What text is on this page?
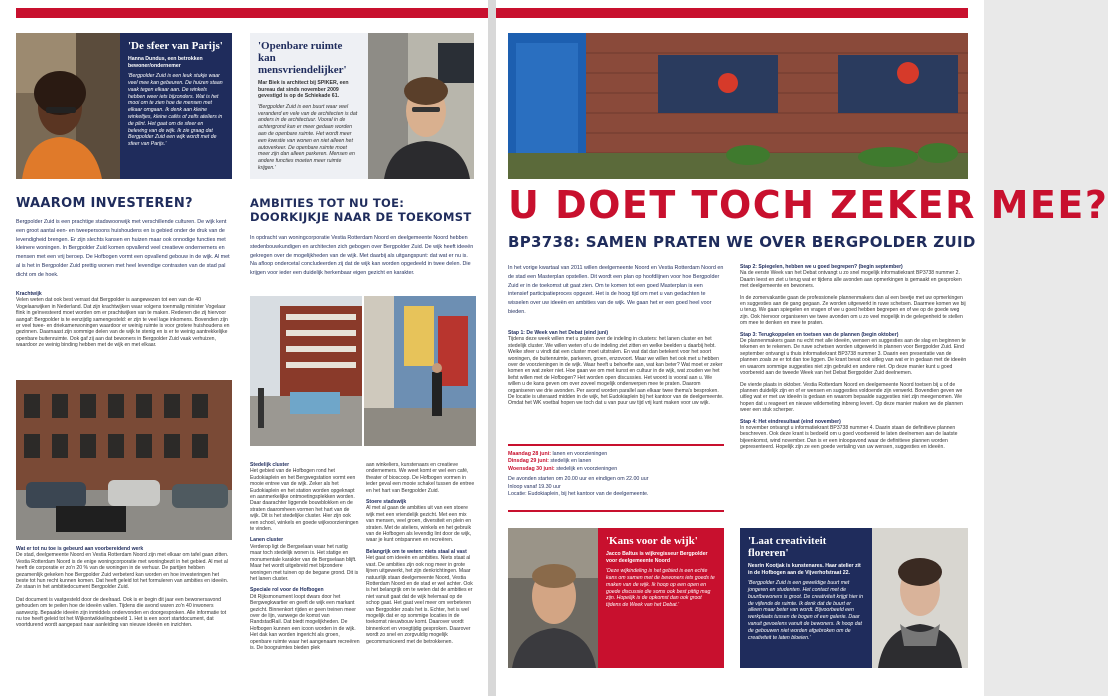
'De sfeer van Parijs'
Hanna Dundus, een betrokken bewoner/ondernemer
'Bergpolder Zuid is een leuk stukje waar veel mee kan gebeuren. De huizen staan vaak tegen elkaar aan. De winkels hebben weer iets bijzonders. Wat is het mooi om te zien hoe de mensen met elkaar omgaan. Ik denk aan kleine winkeltjes, kleine cafés of zelfs ateliers in de plint. Het gaat om de sfeer en beleving van de wijk. Ik zie graag dat Bergpolder Zuid een wijk wordt met de sfeer van Parijs.'
'Openbare ruimte kan mensvriendelijker'
Mar Biek is architect bij SPIKER, een bureau dat sinds november 2009 gevestigd is op de Schiekade 61.
'Bergpolder Zuid is een buurt waar veel veranderd en vele van de architecten is dat anders in de architectuur. Vooral in de achtergrond kan er meer gedaan worden aan de openbare ruimte. Het wordt meer een kwestie van wonen en niet alleen het autoverkeer. De openbare ruimte moet meer zijn dan alleen parkeren. Mensen en andere functies moeten meer ruimte krijgen.'
WAAROM INVESTEREN?
Bergpolder Zuid is een prachtige stadswoonwijk met verschillende culturen. De wijk kent een groot aantal een- en tweepersoons huishoudens en is gebied onder de druk van de levendigheid brengen. Er zijn slechts kansen en huizen maar ook onnodige functies met kleinere woningen. In Bergpolder Zuid komen opvallend veel creatieve ondernemers en mensen met een vrij beroep. De Hofbogen vormt een opvallend gebouw in de wijk. Al met al is het in Bergpolder Zuid prettig wonen met heel levendige contrasten van de stad pal dicht om de hoek.
Krachtwijk
Velen weten dat ook best verrast dat Bergpolder is aangewezen tot een van de 40 Vogelaarwijken in Nederland. Dat zijn krachtwijken waar volgens toenmalig minister Vogelaar flink in geïnvesteerd moet worden om er prachtwijken van te maken. Redenen die zij hiervoor aangaf: Bergpolder is te eenzijdig samengesteld: er zijn te veel lage inkomens. Bovendien zijn er veel twee- en driekamerwoningen waardoor er weinig ruimte is voor grotere huishoudens en gezinnen. Daarnaast zijn sommige delen van de wijk te stenig en is er te weinig aantrekkelijke openbare buitenruimte. Ook gaf zij aan dat bewoners in Bergpolder Zuid vaak verhuizen, waardoor ze weinig binding hebben met de wijk en met elkaar.
Wat er tot nu toe is gebeurd aan voorbereidend werk
De stad, deelgemeente Noord en Vestia Rotterdam Noord zijn met elkaar om tafel gaan zitten. Vestia Rotterdam Noord is de enige woningcorporatie met woningbezit in het gebied. Al met al heeft de corporatie er zo'n 20 % van de woningen in de verhuur. De partijen hebben gezamenlijk gekeken hoe Bergpolder Zuid verbeterd kan worden en hoe investeringen het beste tot hun recht kunnen komen. Dat heeft geleid tot het formuleren van ambities en ideeën. Ze staan in het ambitiedocument Bergpolder Zuid.
Dat document is vastgesteld door de deelraad. Ook is er begin dit jaar een bewonersavond gehouden om te peilen hoe de ideeën vallen. Tijdens die avond waren zo'n 40 inwoners aanwezig. Bepaalde ideeën zijn inmiddels ondervonden en doorgesproken. Alle informatie tot nu toe heeft geleid tot het Wijkontwikkelingsbeeld 1. Het is een soort startdocument, dat voortdurend wordt aangepast naar aanleiding van nieuwe ideeën en inzichten.
AMBITIES TOT NU TOE:
DOORKIJKJE NAAR DE TOEKOMST
In opdracht van woningcorporatie Vestia Rotterdam Noord en deelgemeente Noord hebben stedenbouwkundigen en architecten zich gebogen over Bergpolder Zuid. De wijk heeft ideeën gekregen over de mogelijkheden van de wijk. Met daarbij als uitgangspunt: dat wat er nu is. Na afloop ondercetal concludeerden zij dat de wijk kan worden opgedeeld in twee delen. Die krijgen voor ieder een duidelijk herkenbaar eigen gezicht en karakter.
Stedelijk cluster
Het gebied van de Hofbogen rond het Eudokiaplein en het Bergwegstation vormt een mooie entree van de wijk. Zeker als het Eudokiaplein en het station worden opgeknapt en aanmerkelijke ontmoetingsplekken worden. Daar daarachter liggende bouwblokken en de straten daaromheen vormen het hart van de wijk. Dit is het stedelijke cluster. Hier zijn ook een school, winkels en goede wijkvoorzieningen te vinden.
Lanen cluster
Verderop ligt de Bergselaan waar het rustig maar toch stedelijk wonen is. Het statige en monumentale karakter van de Bergselaan blijft. Maar het wordt uitgebreid met bijzondere woningen met tuinen op de begane grond. Dit is het lanen cluster.
Speciale rol voor de Hofbogen
Dit Rijksmonument loopt dwars door het Bergwegkwartier en geeft de wijk een markant gezicht. Binnenkort rijden er geen treinen meer over de lijn, vanwege de komst van RandstadRail. Dat biedt mogelijkheden. De Hofbogen kunnen een icoon worden in de wijk. Het dak kan worden ingericht als groen, openbare ruimte waar het aangenaam recreëren is. De boogruimtes bieden plek
aan winkeliers, kunstenaars en creatieve ondernemers. We weet komt er wel een café, theater of bioscoop. De Hofbogen vormen in ieder geval een mooie schakel tussen de entree en het hart van Bergpolder Zuid.
Stoere stadswijk
Al met al gaan de ambities uit van een stoere wijk met een vriendelijk gezicht. Met een mix van mensen, veel groen, diversiteit en plein en straten. Met de ateliers, winkels en het gebruik van de Hofbogen als levendig lint door de wijk, waar je kunt ontspannen en recreëren.
Belangrijk om te weten: niets staal al vast
Het gaat om ideeën en ambities. Niets staat al vast. De ambities zijn ook nog meer in grote lijnen uitgewerkt, het zijn denkrichtingen. Maar natuurlijk staan deelgemeente Noord, Vestia Rotterdam Noord en de stad er wel achter. Ook is het belangrijk om te weten dat de ambities er niet vanuit gaat dat de wijk helemaal op de schop gaat. Het gaat veel meer om verbeteren van Bergpolder zoals het is. Echter, het is wel mogelijk dat er op sommige locaties in de toekomst nieuwbouw komt. Daarover wordt binnenkort en vroegtijdig gesproken. Daarover wordt zo snel en zorgvuldig mogelijk gecommuniceerd met de betrokkenen.
U DOET TOCH ZEKER MEE?
BP3738: SAMEN PRATEN WE OVER BERGPOLDER ZUID
In het vorige kwartaal van 2011 willen deelgemeente Noord en Vestia Rotterdam Noord en de stad een Masterplan opstellen. Dit wordt een plan op hoofdlijnen voor hoe Bergpolder Zuid er in de toekomst uit gaat zien. Om te komen tot een goed Masterplan is een intensief participatieproces opgezet. Het is de hoog tijd om met u van gedachten te wisselen over uw ideeën en ambities van de wijk. We gaan het er een goed heel voor bieden.
Stap 1: De Week van het Debat (eind juni)
Tijdens deze week willen met u praten over de indeling in clusters: het lanen cluster en het stedelijk cluster. We willen weten of u de indeling ziet zitten en welke beelden u daarbij hebt. Welke sfeer u vindt dat een cluster moet uitstralen. En wat dat dan betekent voor het soort woningen, de buitenruimte, parkeren, groen, enzovoort. Maar we willen het ook met u hebben over de voorzieningen in de wijk. Waar heeft u behoefte aan, wat kan beter? Wat moet er zeker komen en wat zeker niet. Hoe gaan we om met kunst en cultuur in de wijk, wat zouden we het liefst willen met de Hofbogen? Het worden open discussies. Het woord is vooral aan u. We willen u de kans geven om over zoveel mogelijk onderwerpen mee te praten. Daarom organiseren we drie avonden. Per avond worden parallel aan elkaar twee thema's besproken. De locatie is uiteraard midden in de wijk, het Eudokiaplein bij het kantoor van de deelgemeente. Omdat het WK voetbal hopen we toch dat u van puur uw tijd vrij kunt maken voor uw wijk.
Maandag 28 juni: lanen en voorzieningen
Dinsdag 29 juni: stedelijk en lanen
Woensdag 30 juni: stedelijk en voorzieningen
De avonden starten om 20.00 uur en eindigen om 22.00 uur
Inloop vanaf 19.30 uur
Locatie: Eudokiaplein, bij het kantoor van de deelgemeente.
Stap 2: Spiegelen, hebben we u goed begrepen? (begin september)
Na de eerste Week van het Debat ontvangt u zo snel mogelijk informatiekrant BP3738 nummer 2. Daarin leest en ziet u terug wat er tijdens alle avonden aan opmerkingen is gemaakt en gesproken met deelgemeente en bewoners.
In de zomervakantie gaan de professionele plannenmakers dan al een beetje met uw opmerkingen en suggesties aan de gang gegaan. Ze worden uitgewerkt in ruwe schetsen. Daarmee komen we bij u terug. We gaan spiegelen en vragen of we u goed hebben begrepen en of we op de goede weg zijn. Ook hiervoor organiseren we twee avonden om u zo veel mogelijk in de gelegenheid te stellen om mee te denken en mee te praten.
Stap 3: Terugkoppelen en toetsen van de plannen (begin oktober)
De plannenmakers gaan nu echt met alle ideeën, wensen en suggesties aan de slag en beginnen te tekenen en te rekenen. De ruwe schetsen worden uitgewerkt in plannen voor Bergpolder Zuid. Eind september ontvangt u thuis informatiekrant BP3738 nummer 3. Daarin een presentatie van de plannen zoals ze er tot dan toe liggen. De krant bevat ook uitleg van wat er in gedaan met de ideeën en waarom sommige suggesties niet zijn gebruikt en andere niet. Op deze manier kunt u goed voorbereid aan de tweede Week van het Debat Bergpolder Zuid deelnemen.
De vierde plaats in oktober. Vestia Rotterdam Noord en deelgemeente Noord toetsen bij u of de plannen duidelijk zijn en of er wensen en suggesties voldoende zijn verwerkt. Bovendien geven we uitleg wat er met uw ideeën is gedaan en waarom bepaalde suggesties niet zijn meegenomen. We hopen dat u reageert en nieuwe wildemeting inbreng levert. Op deze manier maken we de plannen weer een stuk scherper.
Stap 4: Het eindresultaat (eind november)
In november ontvangt u informatiekrant BP3738 nummer 4. Daarin staan de definitieve plannen beschreven. Ook deze krant is bedoeld om u goed voorbereid te laten deelnemen aan de laatste bijeenkomst, wind november. Dan is er een inloopavond waar de definitieve plannen worden gepresenteerd. Hopelijk zijn ze een goede vertaling van uw wensen, suggesties en ideeën.
'Kans voor de wijk'
Jacco Baltus is wijkregisseur Bergpolder voor deelgemeente Noord
'Deze wijkindeling is het gebied is een echte kans om samen met de bewoners iets goeds te maken van de wijk. Ik hoop op een open en goede discussie die soms ook best pittig mag zijn. Hopelijk is de opkomst dan ook groot tijdens de Week van het Debat.'
'Laat creativiteit floreren'
Nesrin Kootjak is kunstenares. Haar atelier zit in de Hofbogen aan de Vijverhofstraat 22.
'Bergpolder Zuid is een geweldige buurt met jongeren en studenten. Het contact met de buurtbewoners is groot. De creativiteit krijgt hier in de vijfende de ruimte. Ik denk dat de buurt er alleen maar beter van wordt. Bijvoorbeeld een werkplaats tussen de bogen of een galerie. Daar vanuit gevoelens vanuit de bewoners. Ik hoop dat de gebouwen niet worden afgebroken om de creativiteit te laten bloeien.'
